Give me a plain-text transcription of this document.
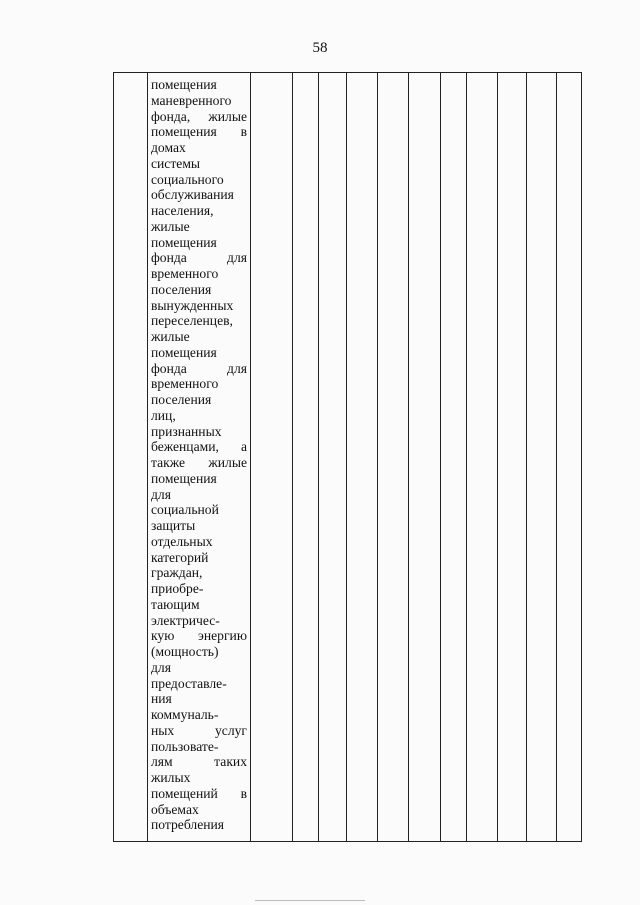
58

помещения
маневренного
фонда, жилые
помещения в
домах
системы
социального
обслуживания
населения,
жилые
помещения
фонда для
временного
поселения
вынужденных
переселенцев,
жилые
помещения
фонда для
временного
поселения
лиц,
признанных
беженцами, а
также жилые
помещения
для
социальной
защиты
отдельных
категорий
граждан,
приобре-
тающим
электричес-
кую энергию
(мощность)
для
предоставле-
ния
коммуналь-
ных услуг
пользовате-
лям таких
жилых
помещений в
объемах
потребления
